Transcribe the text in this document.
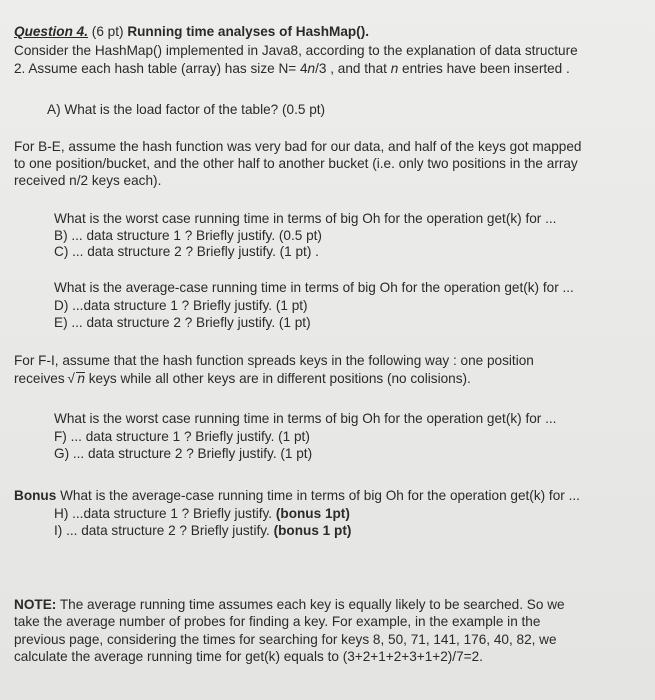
Question 4. (6 pt) Running time analyses of HashMap().
Consider the HashMap() implemented in Java8, according to the explanation of data structure
2. Assume each hash table (array) has size N= 4n/3 , and that n entries have been inserted .
A) What is the load factor of the table? (0.5 pt)
For B-E, assume the hash function was very bad for our data, and half of the keys got mapped
to one position/bucket, and the other half to another bucket (i.e. only two positions in the array
received n/2 keys each).
What is the worst case running time in terms of big Oh for the operation get(k) for ...
B) ... data structure 1 ? Briefly justify. (0.5 pt)
C) ... data structure 2 ? Briefly justify. (1 pt) .
What is the average-case running time in terms of big Oh for the operation get(k) for ...
D) ...data structure 1 ? Briefly justify. (1 pt)
E) ... data structure 2 ? Briefly justify. (1 pt)
For F-I, assume that the hash function spreads keys in the following way : one position
receives √ n keys while all other keys are in different positions (no colisions).
What is the worst case running time in terms of big Oh for the operation get(k) for ...
F) ... data structure 1 ? Briefly justify. (1 pt)
G) ... data structure 2 ? Briefly justify. (1 pt)
Bonus What is the average-case running time in terms of big Oh for the operation get(k) for ...
H) ...data structure 1 ? Briefly justify. (bonus 1pt)
I) ... data structure 2 ? Briefly justify. (bonus 1 pt)
NOTE: The average running time assumes each key is equally likely to be searched. So we
take the average number of probes for finding a key. For example, in the example in the
previous page, considering the times for searching for keys 8, 50, 71, 141, 176, 40, 82, we
calculate the average running time for get(k) equals to (3+2+1+2+3+1+2)/7=2.
